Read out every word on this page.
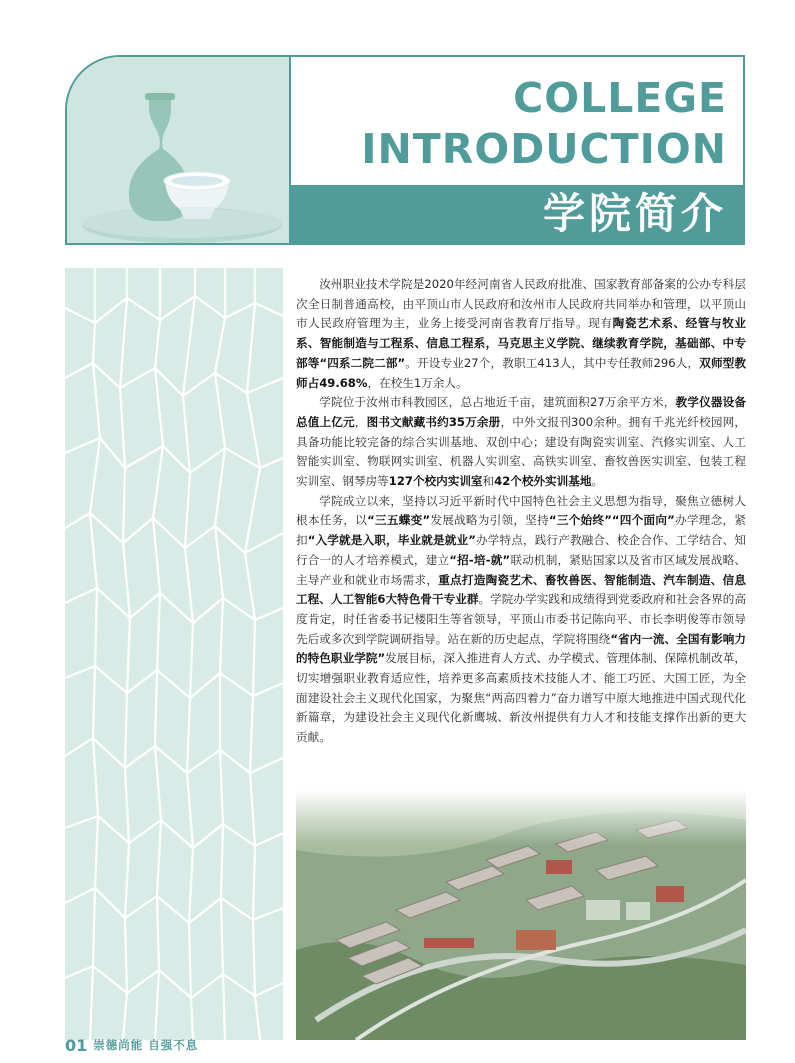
COLLEGE
INTRODUCTION
学院简介

汝州职业技术学院是2020年经河南省人民政府批准、国家教育部备案的公办专科层次全日制普通高校，由平顶山市人民政府和汝州市人民政府共同举办和管理，以平顶山市人民政府管理为主，业务上接受河南省教育厅指导。现有陶瓷艺术系、经管与牧业系、智能制造与工程系、信息工程系，马克思主义学院、继续教育学院，基础部、中专部等“四系二院二部”。开设专业27个，教职工413人，其中专任教师296人，双师型教师占49.68%，在校生1万余人。

学院位于汝州市科教园区，总占地近千亩，建筑面积27万余平方米，教学仪器设备总值上亿元，图书文献藏书约35万余册，中外文报刊300余种。拥有千兆光纤校园网，具备功能比较完备的综合实训基地、双创中心；建设有陶瓷实训室、汽修实训室、人工智能实训室、物联网实训室、机器人实训室、高铁实训室、畜牧兽医实训室、包装工程实训室、钢琴房等127个校内实训室和42个校外实训基地。

学院成立以来，坚持以习近平新时代中国特色社会主义思想为指导，聚焦立德树人根本任务，以“三五蝶变”发展战略为引领，坚持“三个始终”“四个面向”办学理念，紧扣“入学就是入职，毕业就是就业”办学特点，践行产教融合、校企合作、工学结合、知行合一的人才培养模式，建立“招-培-就”联动机制，紧贴国家以及省市区域发展战略、主导产业和就业市场需求，重点打造陶瓷艺术、畜牧兽医、智能制造、汽车制造、信息工程、人工智能6大特色骨干专业群。学院办学实践和成绩得到党委政府和社会各界的高度肯定，时任省委书记楼阳生等省领导，平顶山市委书记陈向平、市长李明俊等市领导先后或多次到学院调研指导。站在新的历史起点，学院将围绕“省内一流、全国有影响力的特色职业学院”发展目标，深入推进育人方式、办学模式、管理体制、保障机制改革，切实增强职业教育适应性，培养更多高素质技术技能人才、能工巧匠、大国工匠，为全面建设社会主义现代化国家，为聚焦“两高四着力”奋力谱写中原大地推进中国式现代化新篇章，为建设社会主义现代化新鹰城、新汝州提供有力人才和技能支撑作出新的更大贡献。

01 崇德尚能 自强不息
